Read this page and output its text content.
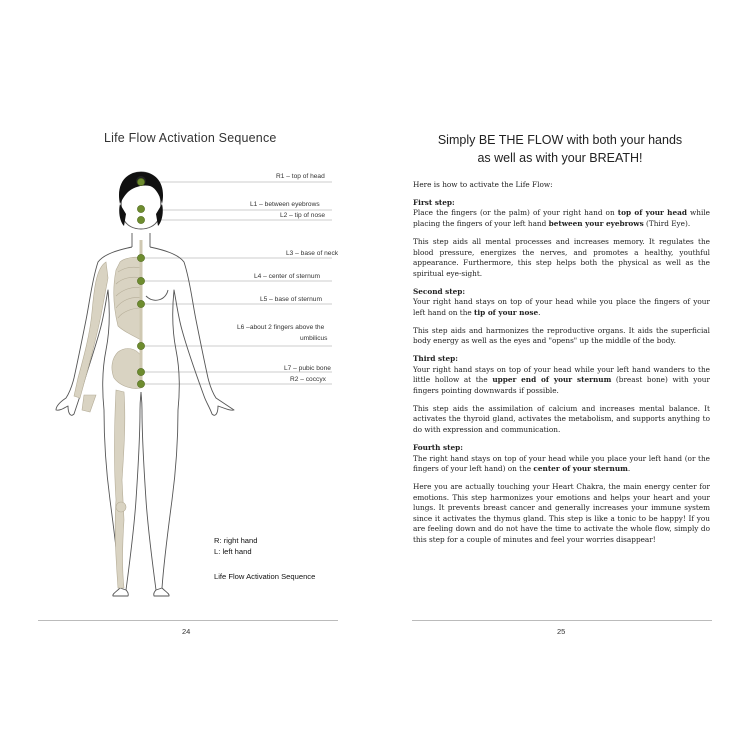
Life Flow Activation Sequence
R1 – top of head
L1 – between eyebrows
L2 – tip of nose
L3 – base of neck
L4 – center of sternum
L5 – base of sternum
L6 –about 2 fingers above the
umbilicus
L7 – pubic bone
R2 – coccyx
R: right hand
L: left hand
Life Flow Activation Sequence
24
Simply BE THE FLOW with both your hands
as well as with your BREATH!

Here is how to activate the Life Flow:

First step:

Place the fingers (or the palm) of your right hand on top of your head while placing the fingers of your left hand between your eyebrows (Third Eye).

This step aids all mental processes and increases memory. It regulates the blood pressure, energizes the nerves, and promotes a healthy, youthful appearance. Furthermore, this step helps both the physical as well as the spiritual eye-sight.

Second step:

Your right hand stays on top of your head while you place the fingers of your left hand on the tip of your nose.

This step aids and harmonizes the reproductive organs. It aids the superficial body energy as well as the eyes and "opens" up the middle of the body.

Third step:

Your right hand stays on top of your head while your left hand wanders to the little hollow at the upper end of your sternum (breast bone) with your fingers pointing downwards if possible.

This step aids the assimilation of calcium and increases mental balance. It activates the thyroid gland, activates the metabolism, and supports anything to do with expression and communication.

Fourth step:

The right hand stays on top of your head while you place your left hand (or the fingers of your left hand) on the center of your sternum.

Here you are actually touching your Heart Chakra, the main energy center for emotions. This step harmonizes your emotions and helps your heart and your lungs. It prevents breast cancer and generally increases your immune system since it activates the thymus gland. This step is like a tonic to be happy! If you are feeling down and do not have the time to activate the whole flow, simply do this step for a couple of minutes and feel your worries disappear!

25
